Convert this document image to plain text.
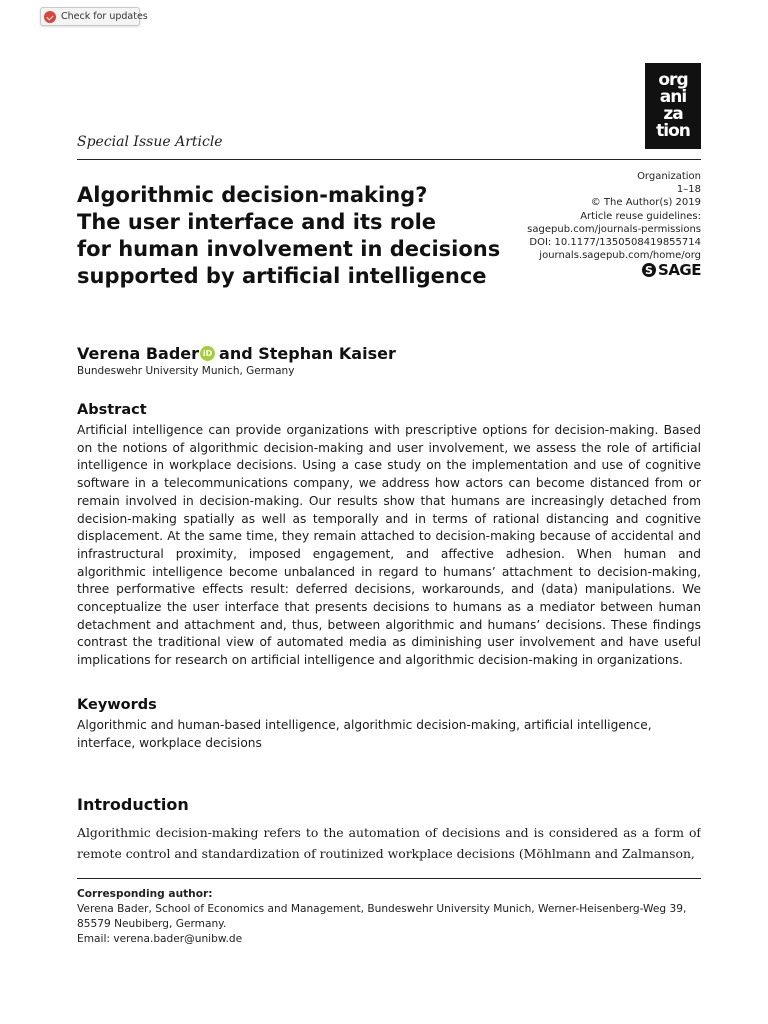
Check for updates
org
ani
za
tion
Special Issue Article
Organization
1–18
© The Author(s) 2019
Article reuse guidelines:
sagepub.com/journals-permissions
DOI: 10.1177/1350508419855714
journals.sagepub.com/home/org
S SAGE
Algorithmic decision-making?
The user interface and its role
for human involvement in decisions
supported by artificial intelligence
Verena Bader iD and Stephan Kaiser
Bundeswehr University Munich, Germany
Abstract

Artificial intelligence can provide organizations with prescriptive options for decision-making. Based on the notions of algorithmic decision-making and user involvement, we assess the role of artificial intelligence in workplace decisions. Using a case study on the implementation and use of cognitive software in a telecommunications company, we address how actors can become distanced from or remain involved in decision-making. Our results show that humans are increasingly detached from decision-making spatially as well as temporally and in terms of rational distancing and cognitive displacement. At the same time, they remain attached to decision-making because of accidental and infrastructural proximity, imposed engagement, and affective adhesion. When human and algorithmic intelligence become unbalanced in regard to humans’ attachment to decision-making, three performative effects result: deferred decisions, workarounds, and (data) manipulations. We conceptualize the user interface that presents decisions to humans as a mediator between human detachment and attachment and, thus, between algorithmic and humans’ decisions. These findings contrast the traditional view of automated media as diminishing user involvement and have useful implications for research on artificial intelligence and algorithmic decision-making in organizations.

Keywords

Algorithmic and human-based intelligence, algorithmic decision-making, artificial intelligence, interface, workplace decisions

Introduction

Algorithmic decision-making refers to the automation of decisions and is considered as a form of remote control and standardization of routinized workplace decisions (Möhlmann and Zalmanson,

Corresponding author:
Verena Bader, School of Economics and Management, Bundeswehr University Munich, Werner-Heisenberg-Weg 39,
85579 Neubiberg, Germany.
Email: verena.bader@unibw.de
